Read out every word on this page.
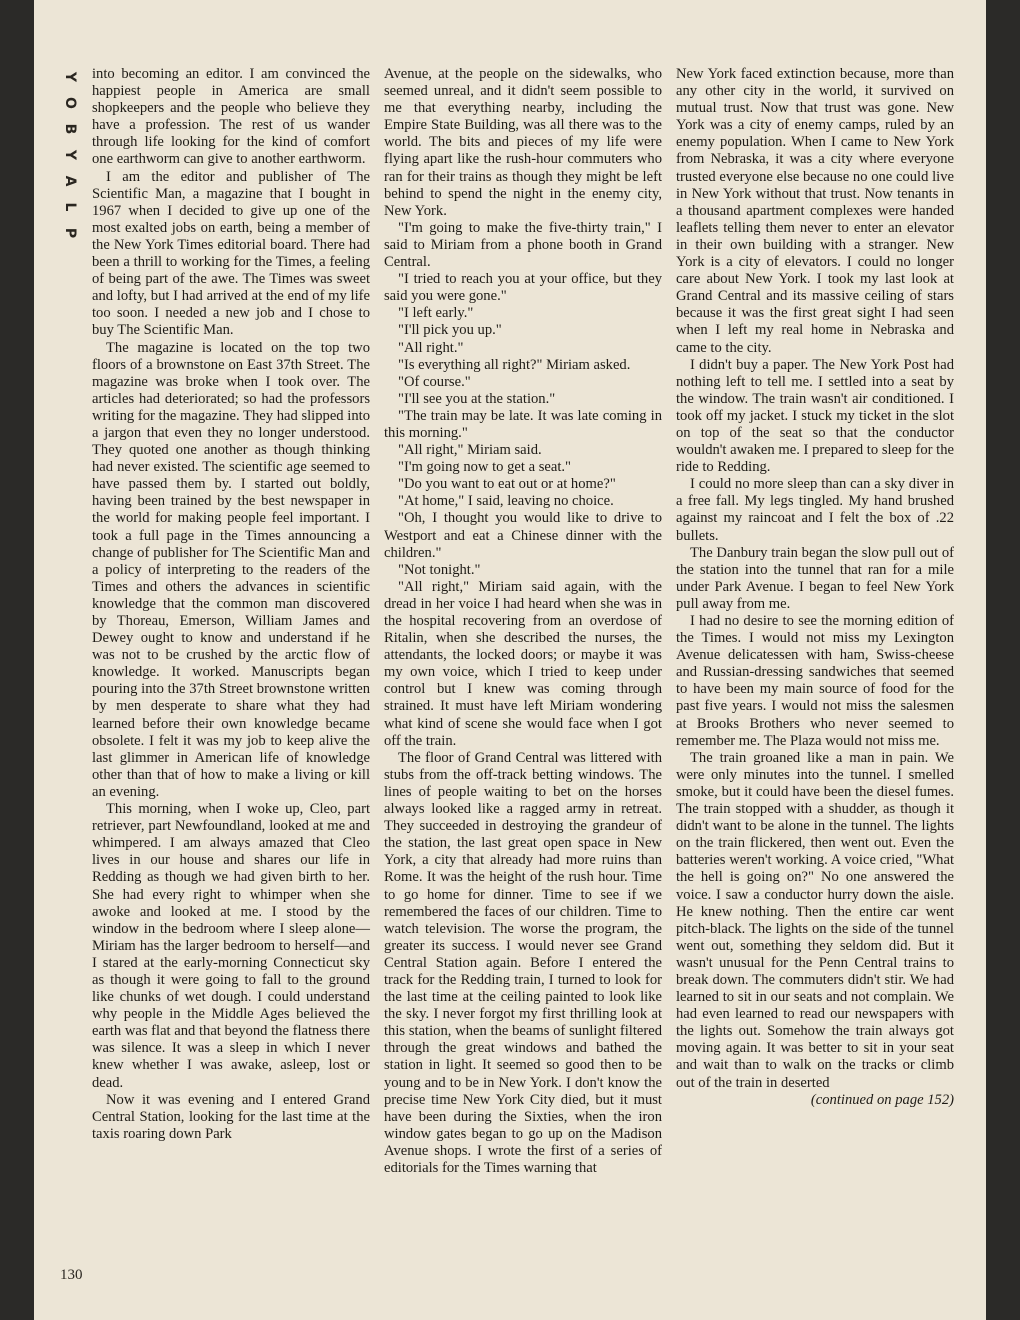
Y
O
B
Y
A
L
P

into becoming an editor. I am convinced the happiest people in America are small shopkeepers and the people who believe they have a profession. The rest of us wander through life looking for the kind of comfort one earthworm can give to another earthworm.

I am the editor and publisher of The Scientific Man, a magazine that I bought in 1967 when I decided to give up one of the most exalted jobs on earth, being a member of the New York Times editorial board. There had been a thrill to working for the Times, a feeling of being part of the awe. The Times was sweet and lofty, but I had arrived at the end of my life too soon. I needed a new job and I chose to buy The Scientific Man.

The magazine is located on the top two floors of a brownstone on East 37th Street. The magazine was broke when I took over. The articles had deteriorated; so had the professors writing for the magazine. They had slipped into a jargon that even they no longer understood. They quoted one another as though thinking had never existed. The scientific age seemed to have passed them by. I started out boldly, having been trained by the best newspaper in the world for making people feel important. I took a full page in the Times announcing a change of publisher for The Scientific Man and a policy of interpreting to the readers of the Times and others the advances in scientific knowledge that the common man discovered by Thoreau, Emerson, William James and Dewey ought to know and understand if he was not to be crushed by the arctic flow of knowledge. It worked. Manuscripts began pouring into the 37th Street brownstone written by men desperate to share what they had learned before their own knowledge became obsolete. I felt it was my job to keep alive the last glimmer in American life of knowledge other than that of how to make a living or kill an evening.

This morning, when I woke up, Cleo, part retriever, part Newfoundland, looked at me and whimpered. I am always amazed that Cleo lives in our house and shares our life in Redding as though we had given birth to her. She had every right to whimper when she awoke and looked at me. I stood by the window in the bedroom where I sleep alone—Miriam has the larger bedroom to herself—and I stared at the early-morning Connecticut sky as though it were going to fall to the ground like chunks of wet dough. I could understand why people in the Middle Ages believed the earth was flat and that beyond the flatness there was silence. It was a sleep in which I never knew whether I was awake, asleep, lost or dead.

Now it was evening and I entered Grand Central Station, looking for the last time at the taxis roaring down Park

Avenue, at the people on the sidewalks, who seemed unreal, and it didn't seem possible to me that everything nearby, including the Empire State Building, was all there was to the world. The bits and pieces of my life were flying apart like the rush-hour commuters who ran for their trains as though they might be left behind to spend the night in the enemy city, New York.

"I'm going to make the five-thirty train," I said to Miriam from a phone booth in Grand Central.

"I tried to reach you at your office, but they said you were gone."

"I left early."

"I'll pick you up."

"All right."

"Is everything all right?" Miriam asked.

"Of course."

"I'll see you at the station."

"The train may be late. It was late coming in this morning."

"All right," Miriam said.

"I'm going now to get a seat."

"Do you want to eat out or at home?"

"At home," I said, leaving no choice.

"Oh, I thought you would like to drive to Westport and eat a Chinese dinner with the children."

"Not tonight."

"All right," Miriam said again, with the dread in her voice I had heard when she was in the hospital recovering from an overdose of Ritalin, when she described the nurses, the attendants, the locked doors; or maybe it was my own voice, which I tried to keep under control but I knew was coming through strained. It must have left Miriam wondering what kind of scene she would face when I got off the train.

The floor of Grand Central was littered with stubs from the off-track betting windows. The lines of people waiting to bet on the horses always looked like a ragged army in retreat. They succeeded in destroying the grandeur of the station, the last great open space in New York, a city that already had more ruins than Rome. It was the height of the rush hour. Time to go home for dinner. Time to see if we remembered the faces of our children. Time to watch television. The worse the program, the greater its success. I would never see Grand Central Station again. Before I entered the track for the Redding train, I turned to look for the last time at the ceiling painted to look like the sky. I never forgot my first thrilling look at this station, when the beams of sunlight filtered through the great windows and bathed the station in light. It seemed so good then to be young and to be in New York. I don't know the precise time New York City died, but it must have been during the Sixties, when the iron window gates began to go up on the Madison Avenue shops. I wrote the first of a series of editorials for the Times warning that

New York faced extinction because, more than any other city in the world, it survived on mutual trust. Now that trust was gone. New York was a city of enemy camps, ruled by an enemy population. When I came to New York from Nebraska, it was a city where everyone trusted everyone else because no one could live in New York without that trust. Now tenants in a thousand apartment complexes were handed leaflets telling them never to enter an elevator in their own building with a stranger. New York is a city of elevators. I could no longer care about New York. I took my last look at Grand Central and its massive ceiling of stars because it was the first great sight I had seen when I left my real home in Nebraska and came to the city.

I didn't buy a paper. The New York Post had nothing left to tell me. I settled into a seat by the window. The train wasn't air conditioned. I took off my jacket. I stuck my ticket in the slot on top of the seat so that the conductor wouldn't awaken me. I prepared to sleep for the ride to Redding.

I could no more sleep than can a sky diver in a free fall. My legs tingled. My hand brushed against my raincoat and I felt the box of .22 bullets.

The Danbury train began the slow pull out of the station into the tunnel that ran for a mile under Park Avenue. I began to feel New York pull away from me.

I had no desire to see the morning edition of the Times. I would not miss my Lexington Avenue delicatessen with ham, Swiss-cheese and Russian-dressing sandwiches that seemed to have been my main source of food for the past five years. I would not miss the salesmen at Brooks Brothers who never seemed to remember me. The Plaza would not miss me.

The train groaned like a man in pain. We were only minutes into the tunnel. I smelled smoke, but it could have been the diesel fumes. The train stopped with a shudder, as though it didn't want to be alone in the tunnel. The lights on the train flickered, then went out. Even the batteries weren't working. A voice cried, "What the hell is going on?" No one answered the voice. I saw a conductor hurry down the aisle. He knew nothing. Then the entire car went pitch-black. The lights on the side of the tunnel went out, something they seldom did. But it wasn't unusual for the Penn Central trains to break down. The commuters didn't stir. We had learned to sit in our seats and not complain. We had even learned to read our newspapers with the lights out. Somehow the train always got moving again. It was better to sit in your seat and wait than to walk on the tracks or climb out of the train in deserted

(continued on page 152)

130
